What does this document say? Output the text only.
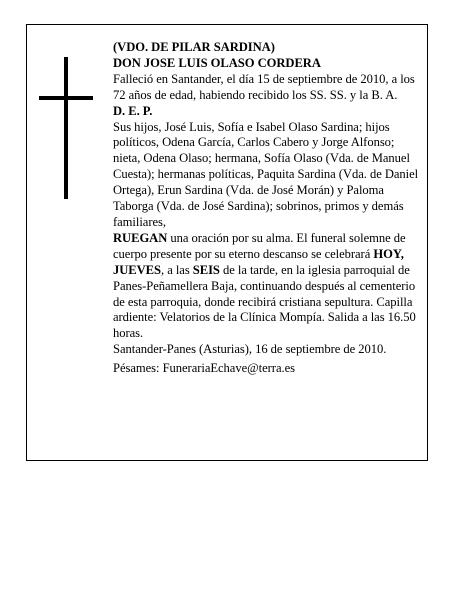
(VDO. DE PILAR SARDINA)

DON JOSE LUIS OLASO CORDERA

Falleció en Santander, el día 15 de septiembre de 2010, a los 72 años de edad, habiendo recibido los SS. SS. y la B. A.

D. E. P.

Sus hijos, José Luis, Sofía e Isabel Olaso Sardina; hijos políticos, Odena García, Carlos Cabero y Jorge Alfonso; nieta, Odena Olaso; hermana, Sofía Olaso (Vda. de Manuel Cuesta); hermanas políticas, Paquita Sardina (Vda. de Daniel Ortega), Erun Sardina (Vda. de José Morán) y Paloma Taborga (Vda. de José Sardina); sobrinos, primos y demás familiares,

RUEGAN una oración por su alma. El funeral solemne de cuerpo presente por su eterno descanso se celebrará HOY, JUEVES, a las SEIS de la tarde, en la iglesia parroquial de Panes-Peñamellera Baja, continuando después al cementerio de esta parroquia, donde recibirá cristiana sepultura. Capilla ardiente: Velatorios de la Clínica Mompía. Salida a las 16.50 horas.

Santander-Panes (Asturias), 16 de septiembre de 2010.

Pésames: FunerariaEchave@terra.es
